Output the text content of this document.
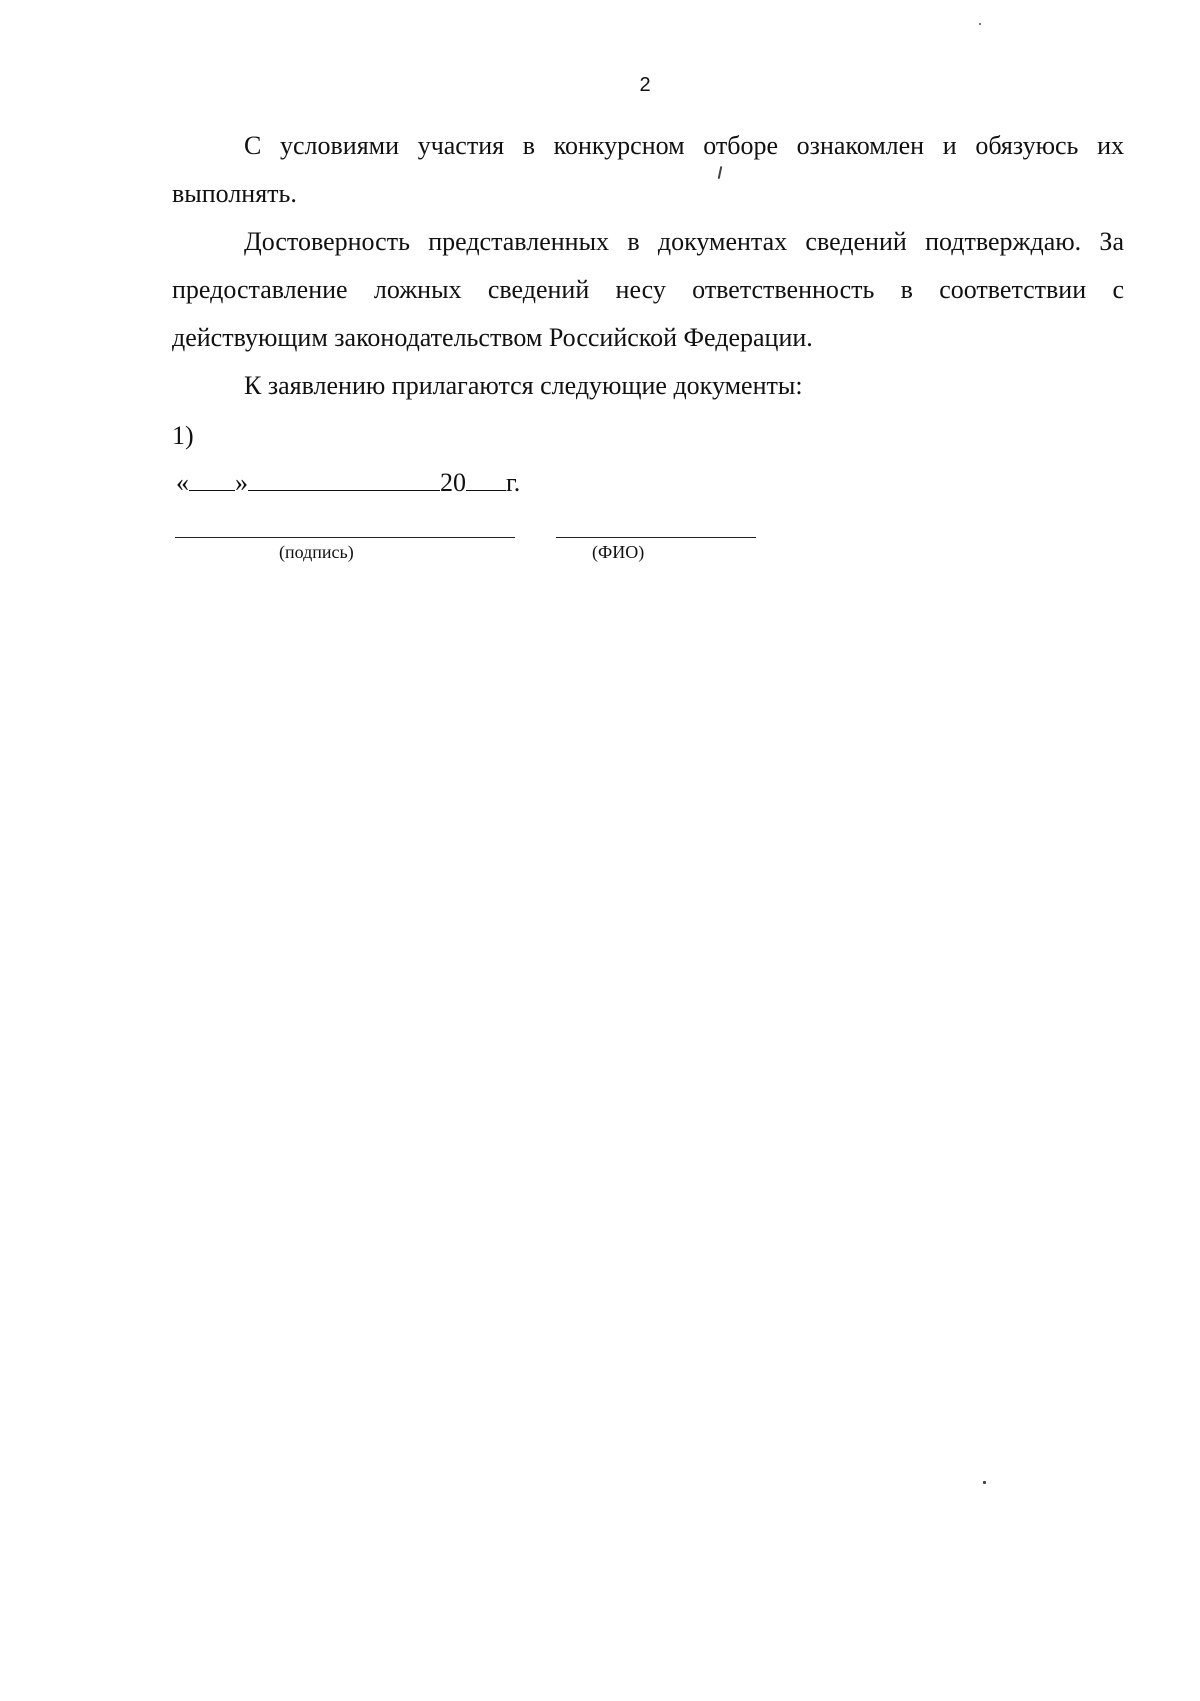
2

С условиями участия в конкурсном отборе ознакомлен и обязуюсь их выполнять.

Достоверность представленных в документах сведений подтверждаю. За предоставление ложных сведений несу ответственность в соответствии с действующим законодательством Российской Федерации.

К заявлению прилагаются следующие документы:

1)
« »	20 г.
(подпись)	(ФИО)
